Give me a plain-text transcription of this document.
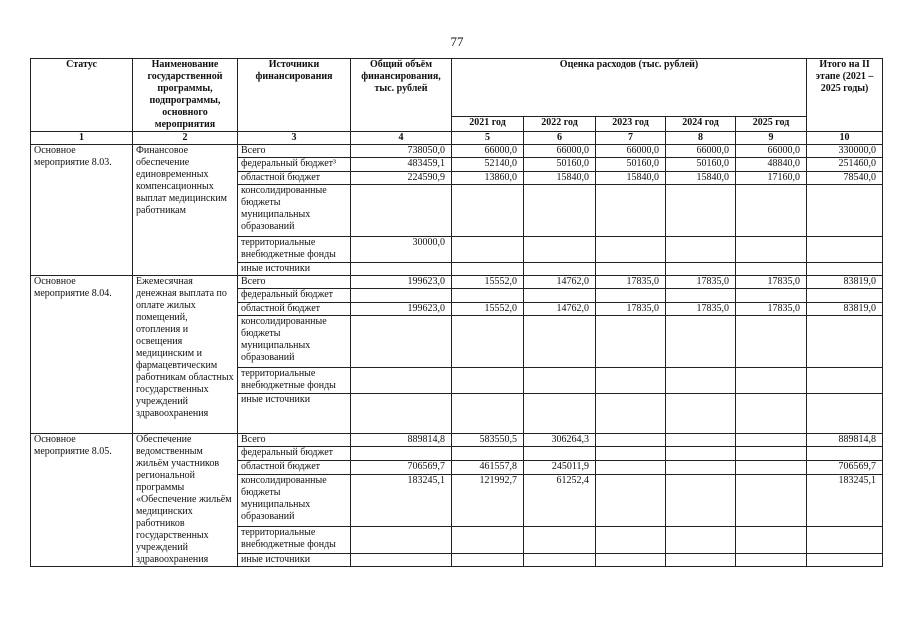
77
Статус	Наименование государственной программы, подпрограммы, основного мероприятия	Источники финансирования	Общий объём финансирования, тыс. рублей	Оценка расходов (тыс. рублей)					Итого на II этапе (2021 – 2025 годы)
				2021 год	2022 год	2023 год	2024 год	2025 год	
1	2	3	4	5	6	7	8	9	10
Основное мероприятие 8.03.	Финансовое обеспечение единовременных компенсационных выплат медицинским работникам	Всего	738050,0	66000,0	66000,0	66000,0	66000,0	66000,0	330000,0
		федеральный бюджет³	483459,1	52140,0	50160,0	50160,0	50160,0	48840,0	251460,0
		областной бюджет	224590,9	13860,0	15840,0	15840,0	15840,0	17160,0	78540,0
		консолидированные бюджеты муниципальных образований							
		территориальные внебюджетные фонды	30000,0						
		иные источники							
Основное мероприятие 8.04.	Ежемесячная денежная выплата по оплате жилых помещений, отопления и освещения медицинским и фармацевтическим работникам областных государственных учреждений здравоохранения	Всего	199623,0	15552,0	14762,0	17835,0	17835,0	17835,0	83819,0
		федеральный бюджет							
		областной бюджет	199623,0	15552,0	14762,0	17835,0	17835,0	17835,0	83819,0
		консолидированные бюджеты муниципальных образований							
		территориальные внебюджетные фонды							
		иные источники							
Основное мероприятие 8.05.	Обеспечение ведомственным жильём участников региональной программы «Обеспечение жильём медицинских работников государственных учреждений здравоохранения	Всего	889814,8	583550,5	306264,3				889814,8
		федеральный бюджет							
		областной бюджет	706569,7	461557,8	245011,9				706569,7
		консолидированные бюджеты муниципальных образований	183245,1	121992,7	61252,4				183245,1
		территориальные внебюджетные фонды							
		иные источники							
